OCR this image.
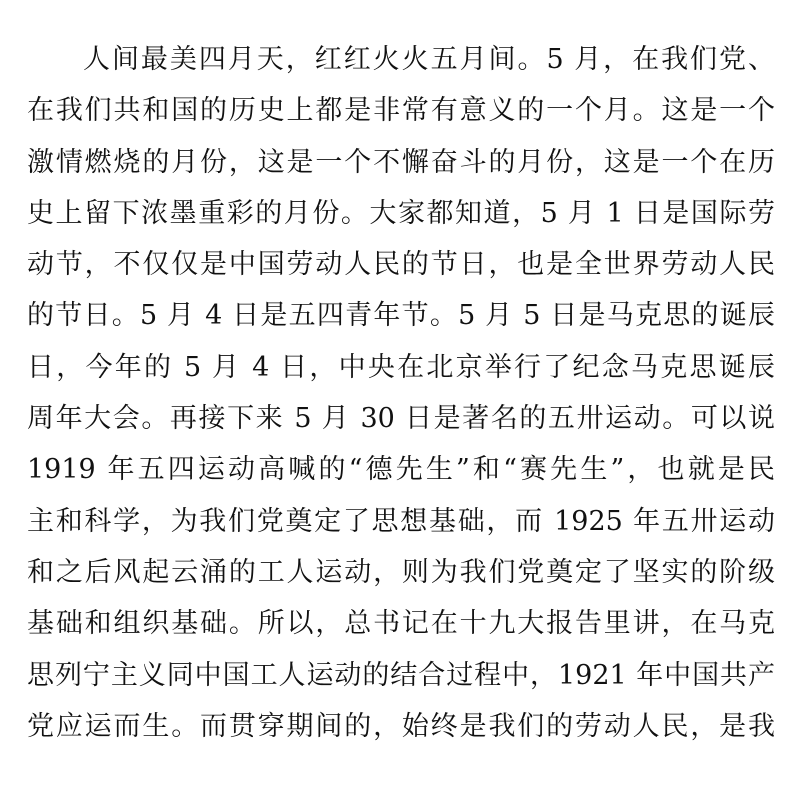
人间最美四月天，红红火火五月间。5 月，在我们党、
在我们共和国的历史上都是非常有意义的一个月。这是一个
激情燃烧的月份，这是一个不懈奋斗的月份，这是一个在历
史上留下浓墨重彩的月份。大家都知道，5 月 1 日是国际劳
动节，不仅仅是中国劳动人民的节日，也是全世界劳动人民
的节日。5 月 4 日是五四青年节。5 月 5 日是马克思的诞辰
日，今年的 5 月 4 日，中央在北京举行了纪念马克思诞辰
周年大会。再接下来 5 月 30 日是著名的五卅运动。可以说
1919 年五四运动高喊的“德先生”和“赛先生”，也就是民
主和科学，为我们党奠定了思想基础，而 1925 年五卅运动
和之后风起云涌的工人运动，则为我们党奠定了坚实的阶级
基础和组织基础。所以，总书记在十九大报告里讲，在马克
思列宁主义同中国工人运动的结合过程中，1921 年中国共产
党应运而生。而贯穿期间的，始终是我们的劳动人民，是我
